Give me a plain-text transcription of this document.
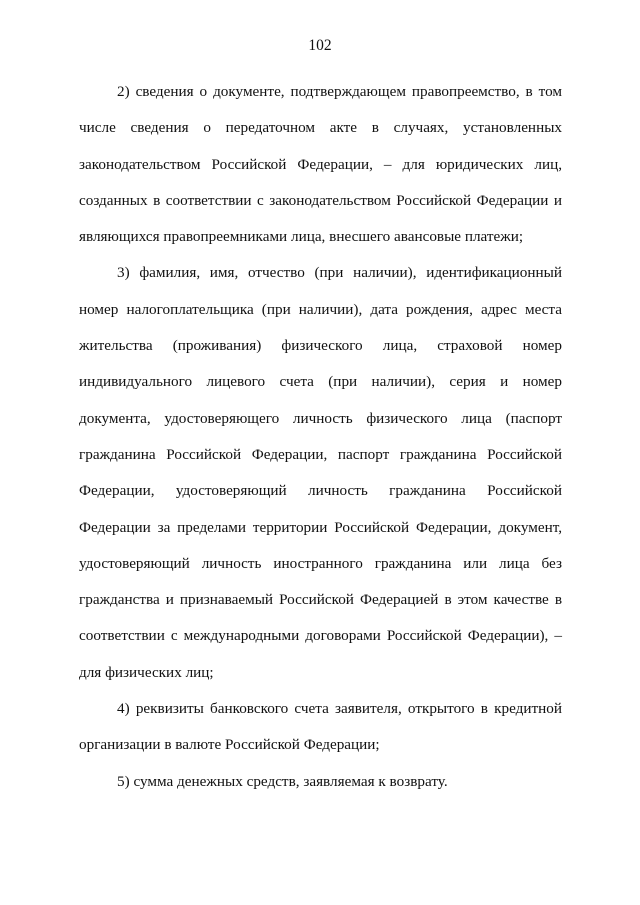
102

2) сведения о документе, подтверждающем правопреемство, в том числе сведения о передаточном акте в случаях, установленных законодательством Российской Федерации, – для юридических лиц, созданных в соответствии с законодательством Российской Федерации и являющихся правопреемниками лица, внесшего авансовые платежи;

3) фамилия, имя, отчество (при наличии), идентификационный номер налогоплательщика (при наличии), дата рождения, адрес места жительства (проживания) физического лица, страховой номер индивидуального лицевого счета (при наличии), серия и номер документа, удостоверяющего личность физического лица (паспорт гражданина Российской Федерации, паспорт гражданина Российской Федерации, удостоверяющий личность гражданина Российской Федерации за пределами территории Российской Федерации, документ, удостоверяющий личность иностранного гражданина или лица без гражданства и признаваемый Российской Федерацией в этом качестве в соответствии с международными договорами Российской Федерации), – для физических лиц;

4) реквизиты банковского счета заявителя, открытого в кредитной организации в валюте Российской Федерации;

5) сумма денежных средств, заявляемая к возврату.
